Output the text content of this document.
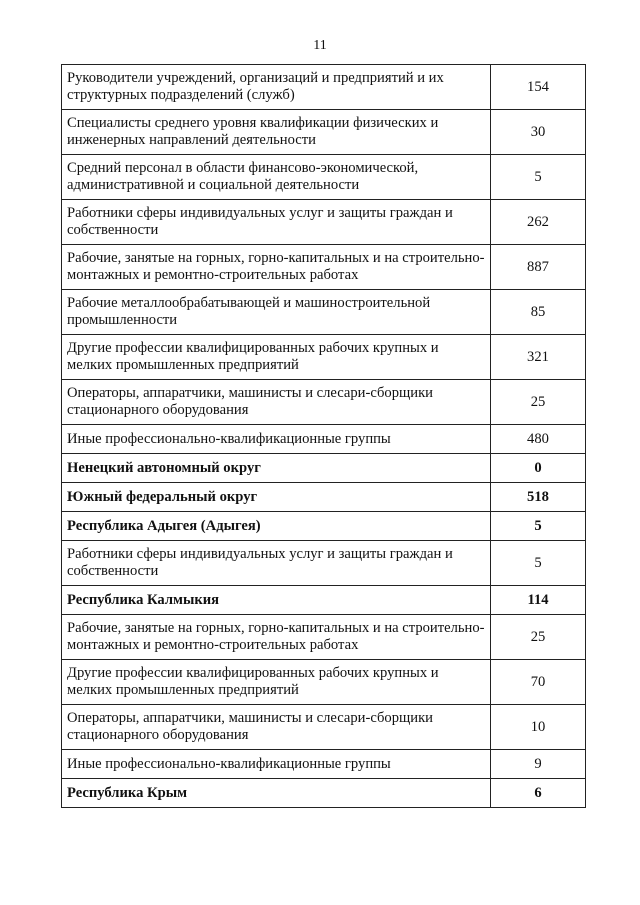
11
Руководители учреждений, организаций и предприятий и их структурных подразделений (служб)	154
Специалисты среднего уровня квалификации физических и инженерных направлений деятельности	30
Средний персонал в области финансово-экономической, административной и социальной деятельности	5
Работники сферы индивидуальных услуг и защиты граждан и собственности	262
Рабочие, занятые на горных, горно-капитальных и на строительно-монтажных и ремонтно-строительных работах	887
Рабочие металлообрабатывающей и машиностроительной промышленности	85
Другие профессии квалифицированных рабочих крупных и мелких промышленных предприятий	321
Операторы, аппаратчики, машинисты и слесари-сборщики стационарного оборудования	25
Иные профессионально-квалификационные группы	480
Ненецкий автономный округ	0
Южный федеральный округ	518
Республика Адыгея (Адыгея)	5
Работники сферы индивидуальных услуг и защиты граждан и собственности	5
Республика Калмыкия	114
Рабочие, занятые на горных, горно-капитальных и на строительно-монтажных и ремонтно-строительных работах	25
Другие профессии квалифицированных рабочих крупных и мелких промышленных предприятий	70
Операторы, аппаратчики, машинисты и слесари-сборщики стационарного оборудования	10
Иные профессионально-квалификационные группы	9
Республика Крым	6
